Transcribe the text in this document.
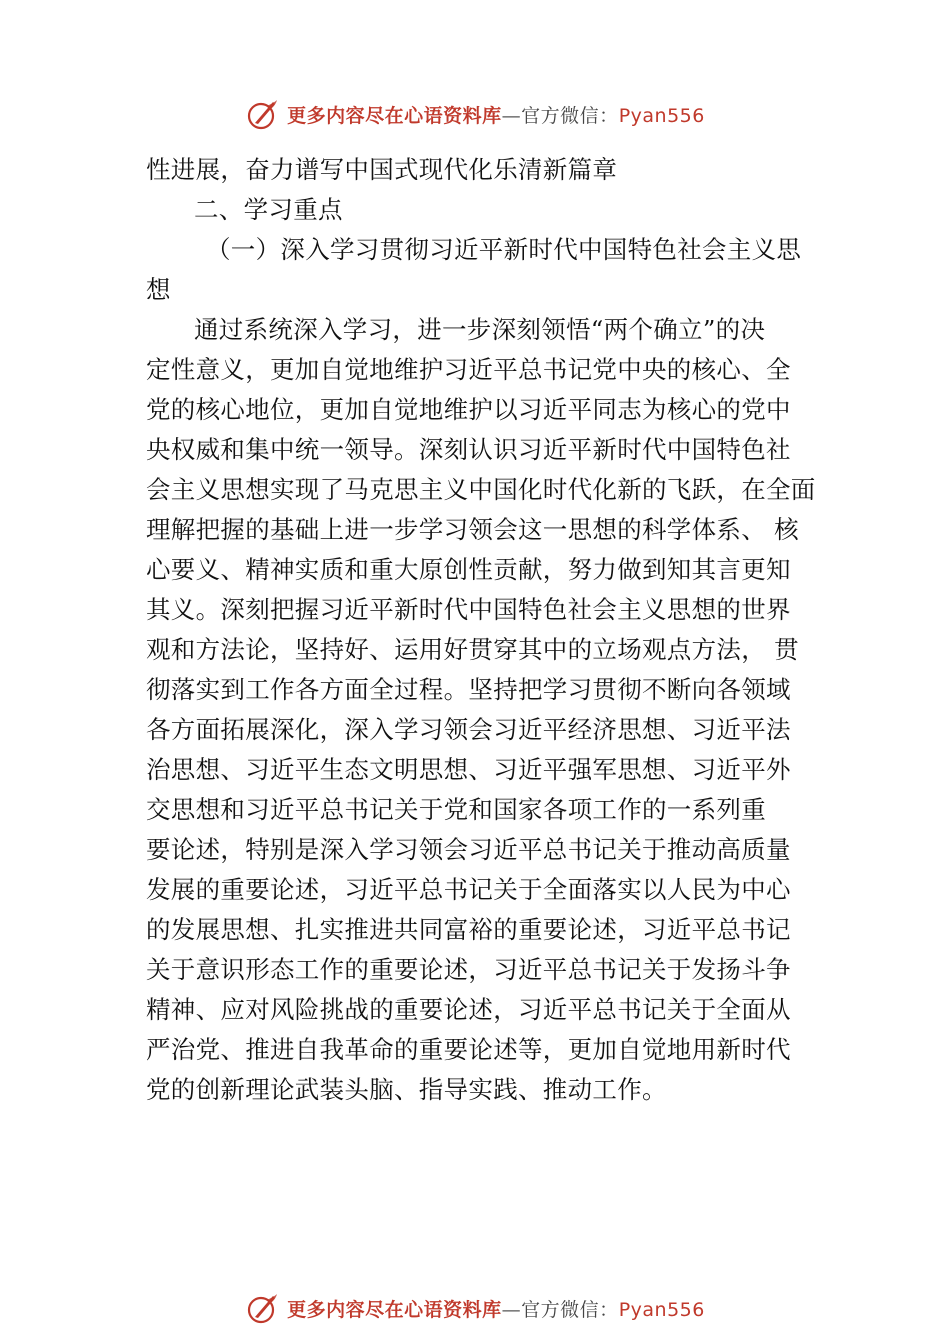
更多内容尽在心语资料库—官方微信：Pyan556
性进展，奋力谱写中国式现代化乐清新篇章
二、学习重点
（一）深入学习贯彻习近平新时代中国特色社会主义思
想
通过系统深入学习，进一步深刻领悟“两个确立”的决
定性意义，更加自觉地维护习近平总书记党中央的核心、全
党的核心地位，更加自觉地维护以习近平同志为核心的党中
央权威和集中统一领导。深刻认识习近平新时代中国特色社
会主义思想实现了马克思主义中国化时代化新的飞跃，在全面
理解把握的基础上进一步学习领会这一思想的科学体系、 核
心要义、精神实质和重大原创性贡献，努力做到知其言更知
其义。深刻把握习近平新时代中国特色社会主义思想的世界
观和方法论，坚持好、运用好贯穿其中的立场观点方法， 贯
彻落实到工作各方面全过程。坚持把学习贯彻不断向各领域
各方面拓展深化，深入学习领会习近平经济思想、习近平法
治思想、习近平生态文明思想、习近平强军思想、习近平外
交思想和习近平总书记关于党和国家各项工作的一系列重
要论述，特别是深入学习领会习近平总书记关于推动高质量
发展的重要论述，习近平总书记关于全面落实以人民为中心
的发展思想、扎实推进共同富裕的重要论述，习近平总书记
关于意识形态工作的重要论述，习近平总书记关于发扬斗争
精神、应对风险挑战的重要论述，习近平总书记关于全面从
严治党、推进自我革命的重要论述等，更加自觉地用新时代
党的创新理论武装头脑、指导实践、推动工作。
更多内容尽在心语资料库—官方微信：Pyan556
